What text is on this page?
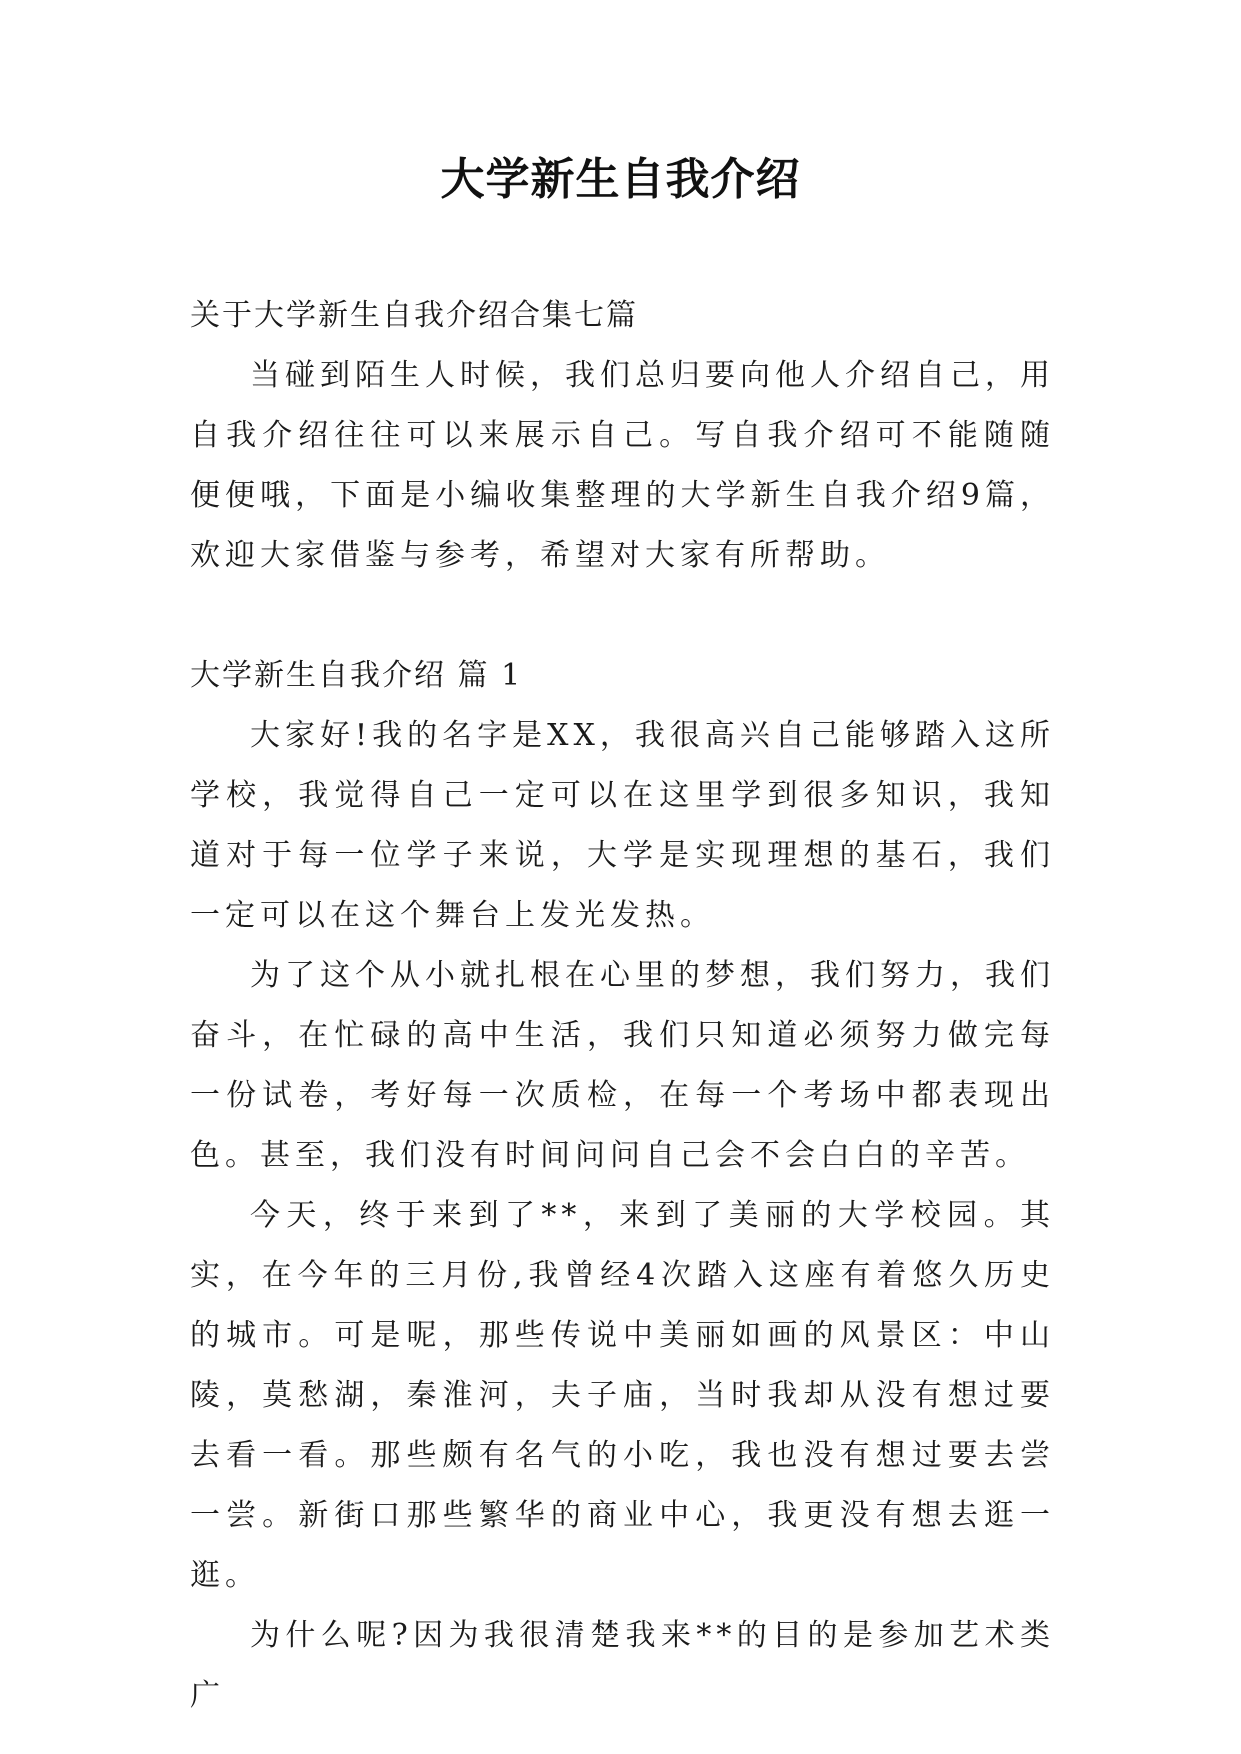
大学新生自我介绍

关于大学新生自我介绍合集七篇

当碰到陌生人时候，我们总归要向他人介绍自己，用自我介绍往往可以来展示自己。写自我介绍可不能随随便便哦，下面是小编收集整理的大学新生自我介绍9篇，欢迎大家借鉴与参考，希望对大家有所帮助。

大学新生自我介绍 篇 1

大家好!我的名字是XX，我很高兴自己能够踏入这所学校，我觉得自己一定可以在这里学到很多知识，我知道对于每一位学子来说，大学是实现理想的基石，我们一定可以在这个舞台上发光发热。

为了这个从小就扎根在心里的梦想，我们努力，我们奋斗，在忙碌的高中生活，我们只知道必须努力做完每一份试卷，考好每一次质检，在每一个考场中都表现出色。甚至，我们没有时间问问自己会不会白白的辛苦。

今天，终于来到了**，来到了美丽的大学校园。其实，在今年的三月份,我曾经4次踏入这座有着悠久历史的城市。可是呢，那些传说中美丽如画的风景区：中山陵，莫愁湖，秦淮河，夫子庙，当时我却从没有想过要去看一看。那些颇有名气的小吃，我也没有想过要去尝一尝。新街口那些繁华的商业中心，我更没有想去逛一逛。

为什么呢?因为我很清楚我来**的目的是参加艺术类广
